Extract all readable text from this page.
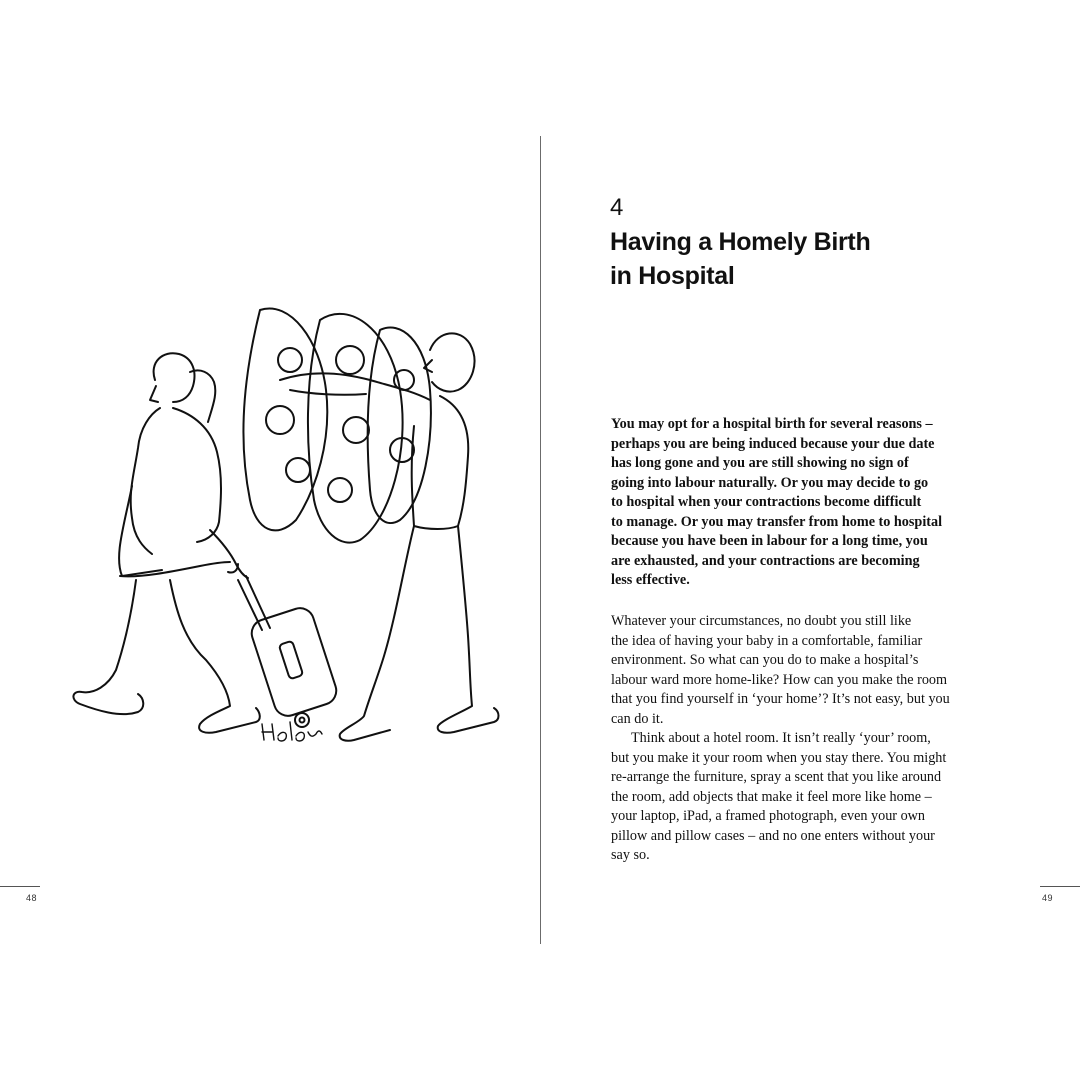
48
4
Having a Homely Birth
in Hospital

You may opt for a hospital birth for several reasons –
perhaps you are being induced because your due date
has long gone and you are still showing no sign of
going into labour naturally. Or you may decide to go
to hospital when your contractions become difficult
to manage. Or you may transfer from home to hospital
because you have been in labour for a long time, you
are exhausted, and your contractions are becoming
less effective.

Whatever your circumstances, no doubt you still like
the idea of having your baby in a comfortable, familiar
environment. So what can you do to make a hospital’s
labour ward more home-like? How can you make the room
that you find yourself in ‘your home’? It’s not easy, but you
can do it.

Think about a hotel room. It isn’t really ‘your’ room,
but you make it your room when you stay there. You might
re-arrange the furniture, spray a scent that you like around
the room, add objects that make it feel more like home –
your laptop, iPad, a framed photograph, even your own
pillow and pillow cases – and no one enters without your
say so.

49
